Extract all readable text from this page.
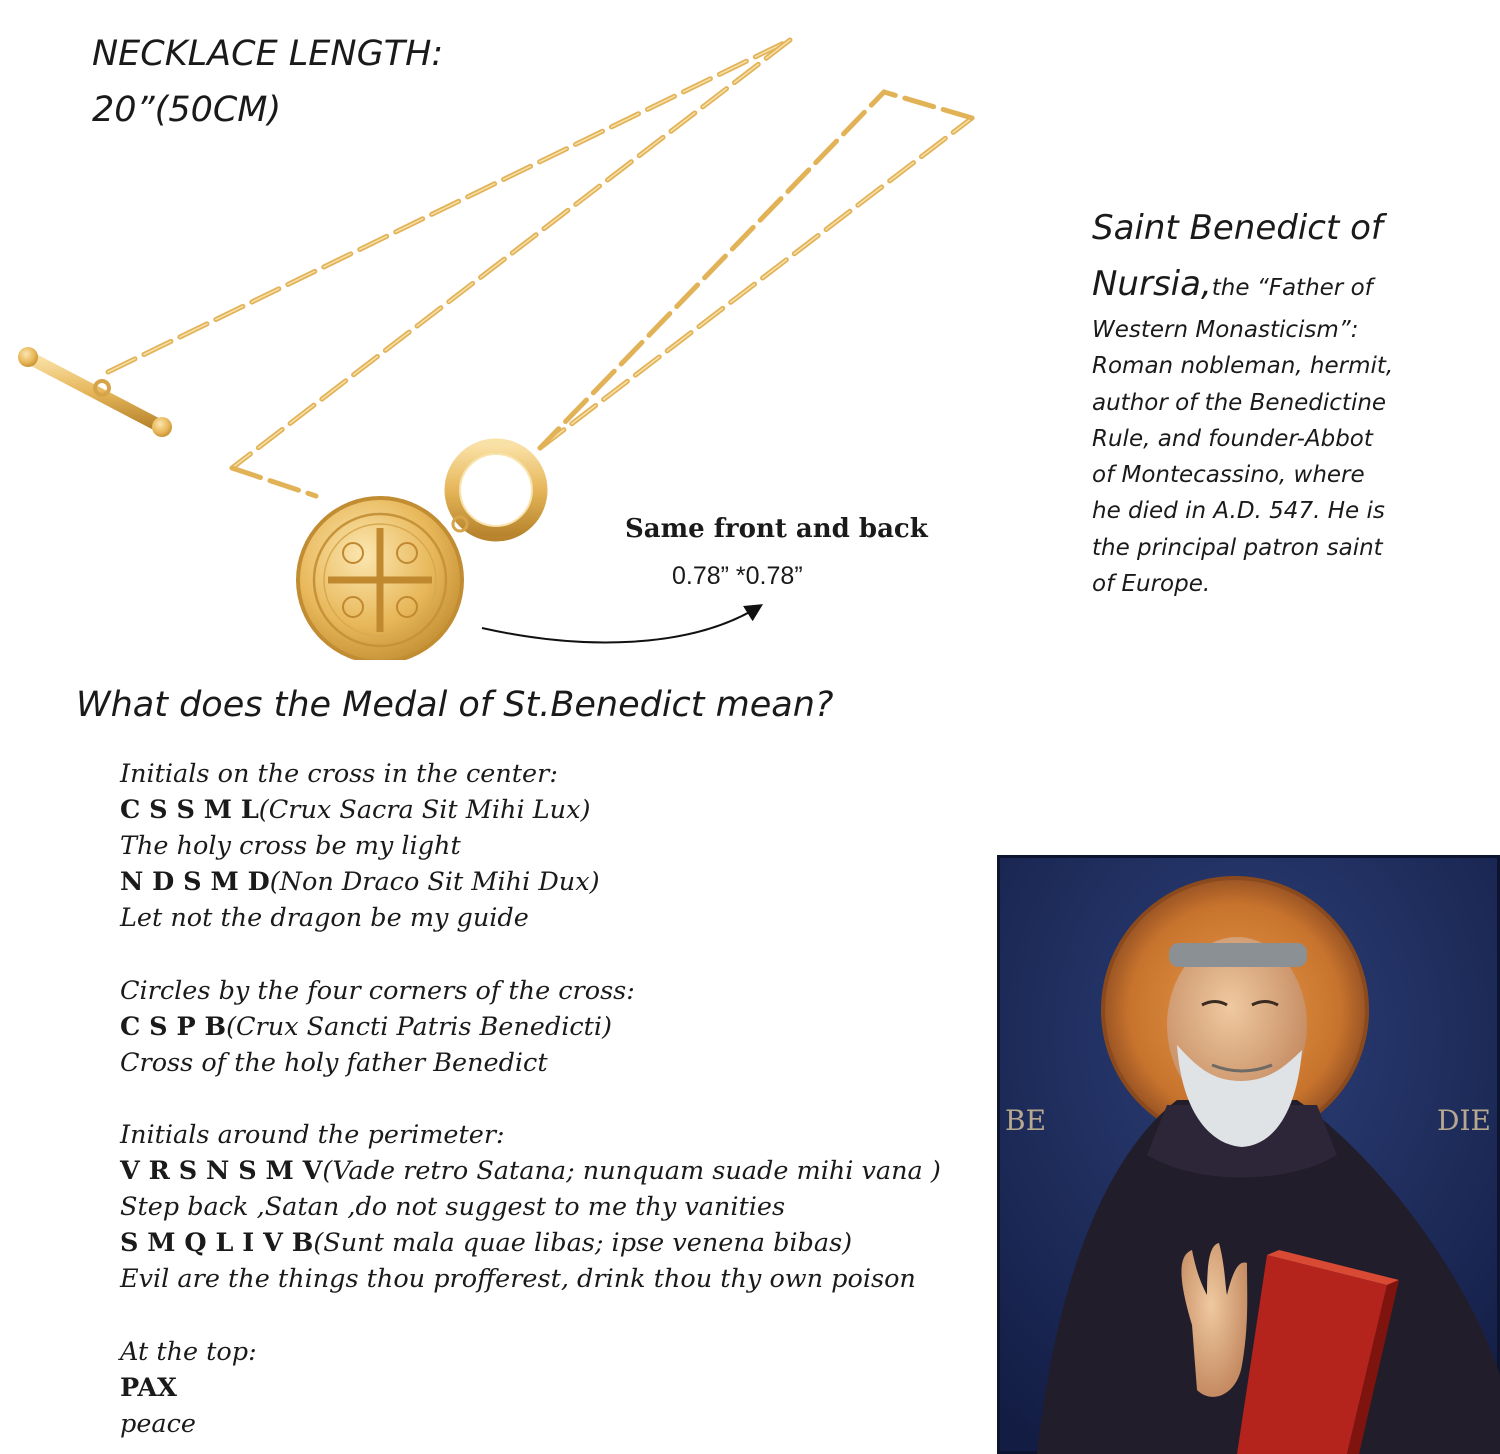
NECKLACE LENGTH:
20”(50CM)
Same front and back
0.78” *0.78”
Saint Benedict of
Nursia,the “Father of
Western Monasticism”:
Roman nobleman, hermit,
author of the Benedictine
Rule, and founder-Abbot
of Montecassino, where
he died in A.D. 547. He is
the principal patron saint
of Europe.
What does the Medal of St.Benedict mean?
Initials on the cross in the center:
C S S M L(Crux Sacra Sit Mihi Lux)
The holy cross be my light
N D S M D(Non Draco Sit Mihi Dux)
Let not the dragon be my guide
Circles by the four corners of the cross:
C S P B(Crux Sancti Patris Benedicti)
Cross of the holy father Benedict
Initials around the perimeter:
V R S N S M V(Vade retro Satana; nunquam suade mihi vana )
Step back ,Satan ,do not suggest to me thy vanities
S M Q L I V B(Sunt mala quae libas; ipse venena bibas)
Evil are the things thou profferest, drink thou thy own poison
At the top:
PAX
peace
BE	DIE
